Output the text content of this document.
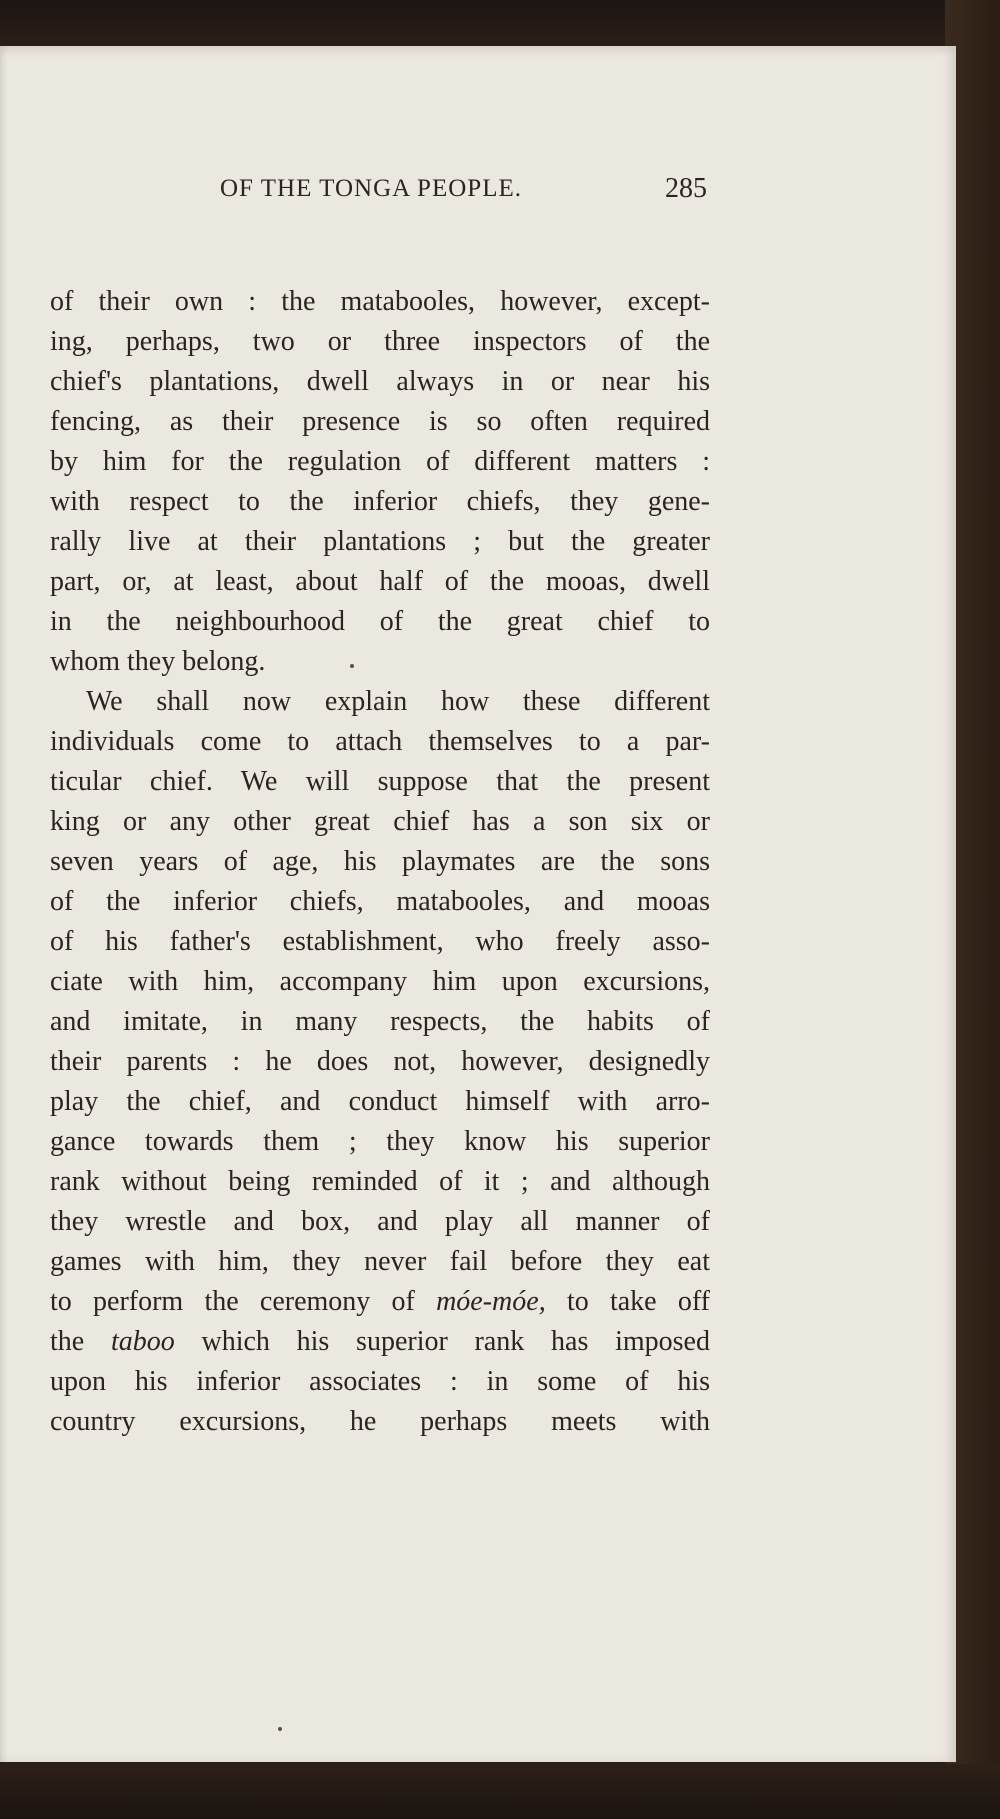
OF THE TONGA PEOPLE.	285
of their own : the matabooles, however, except-
ing, perhaps, two or three inspectors of the
chief's plantations, dwell always in or near his
fencing, as their presence is so often required
by him for the regulation of different matters :
with respect to the inferior chiefs, they gene-
rally live at their plantations ; but the greater
part, or, at least, about half of the mooas, dwell
in the neighbourhood of the great chief to
whom they belong.
We shall now explain how these different
individuals come to attach themselves to a par-
ticular chief. We will suppose that the present
king or any other great chief has a son six or
seven years of age, his playmates are the sons
of the inferior chiefs, matabooles, and mooas
of his father's establishment, who freely asso-
ciate with him, accompany him upon excursions,
and imitate, in many respects, the habits of
their parents : he does not, however, designedly
play the chief, and conduct himself with arro-
gance towards them ; they know his superior
rank without being reminded of it ; and although
they wrestle and box, and play all manner of
games with him, they never fail before they eat
to perform the ceremony of móe-móe, to take off
the taboo which his superior rank has imposed
upon his inferior associates : in some of his
country excursions, he perhaps meets with
